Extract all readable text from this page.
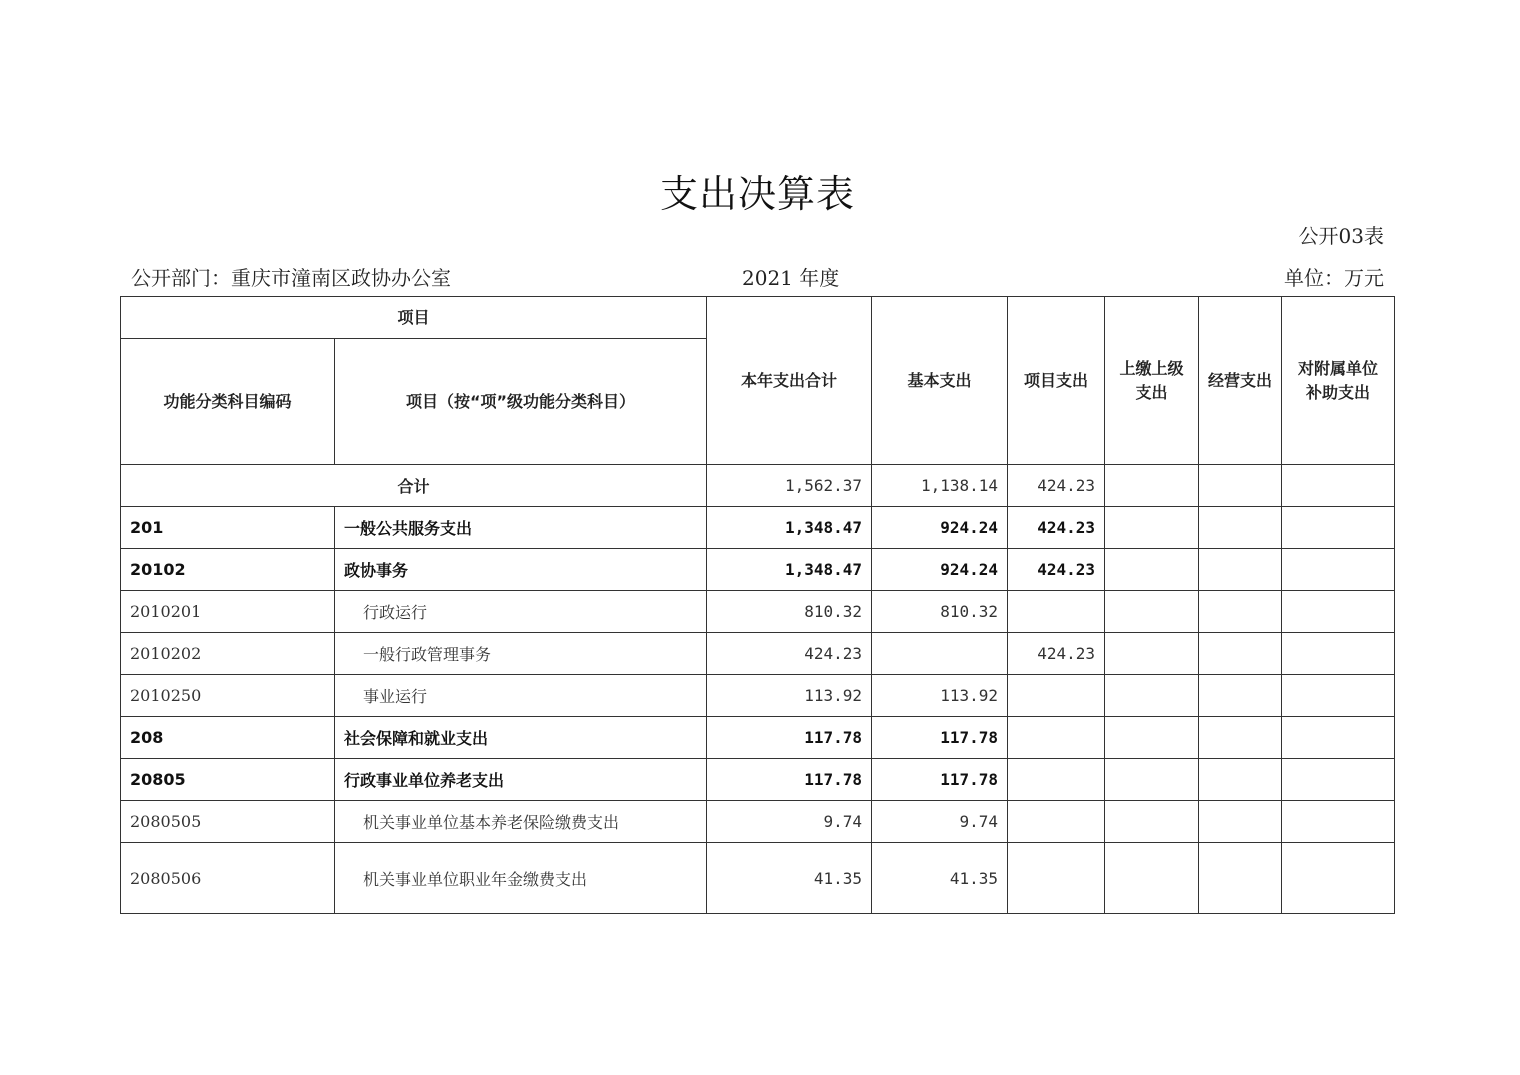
支出决算表
公开03表
公开部门：重庆市潼南区政协办公室	2021 年度	单位：万元
项目		本年支出合计	基本支出	项目支出	上缴上级支出	经营支出	对附属单位补助支出
功能分类科目编码	项目（按“项”级功能分类科目）						
合计		1,562.37	1,138.14	424.23			
201	一般公共服务支出	1,348.47	924.24	424.23			
20102	政协事务	1,348.47	924.24	424.23			
2010201	行政运行	810.32	810.32				
2010202	一般行政管理事务	424.23		424.23			
2010250	事业运行	113.92	113.92				
208	社会保障和就业支出	117.78	117.78				
20805	行政事业单位养老支出	117.78	117.78				
2080505	机关事业单位基本养老保险缴费支出	9.74	9.74				
2080506	机关事业单位职业年金缴费支出	41.35	41.35				
